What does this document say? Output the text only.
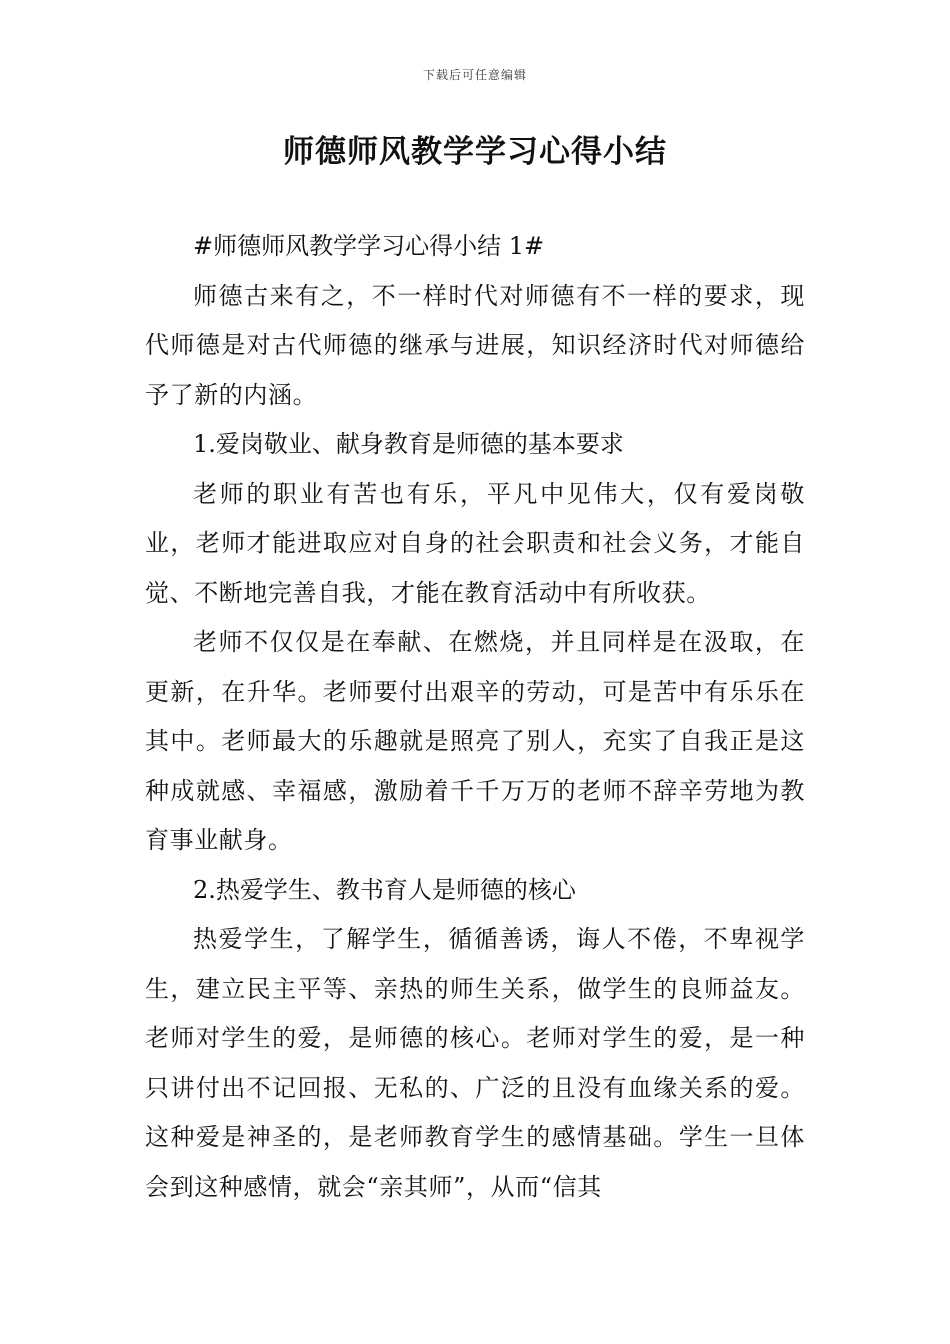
下载后可任意编辑
师德师风教学学习心得小结

#师德师风教学学习心得小结 1#

师德古来有之，不一样时代对师德有不一样的要求，现代师德是对古代师德的继承与进展，知识经济时代对师德给予了新的内涵。

1.爱岗敬业、献身教育是师德的基本要求

老师的职业有苦也有乐，平凡中见伟大，仅有爱岗敬业，老师才能进取应对自身的社会职责和社会义务，才能自觉、不断地完善自我，才能在教育活动中有所收获。

老师不仅仅是在奉献、在燃烧，并且同样是在汲取，在更新，在升华。老师要付出艰辛的劳动，可是苦中有乐乐在其中。老师最大的乐趣就是照亮了别人，充实了自我正是这种成就感、幸福感，激励着千千万万的老师不辞辛劳地为教育事业献身。

2.热爱学生、教书育人是师德的核心

热爱学生，了解学生，循循善诱，诲人不倦，不卑视学生，建立民主平等、亲热的师生关系，做学生的良师益友。老师对学生的爱，是师德的核心。老师对学生的爱，是一种只讲付出不记回报、无私的、广泛的且没有血缘关系的爱。这种爱是神圣的，是老师教育学生的感情基础。学生一旦体会到这种感情，就会“亲其师”，从而“信其
